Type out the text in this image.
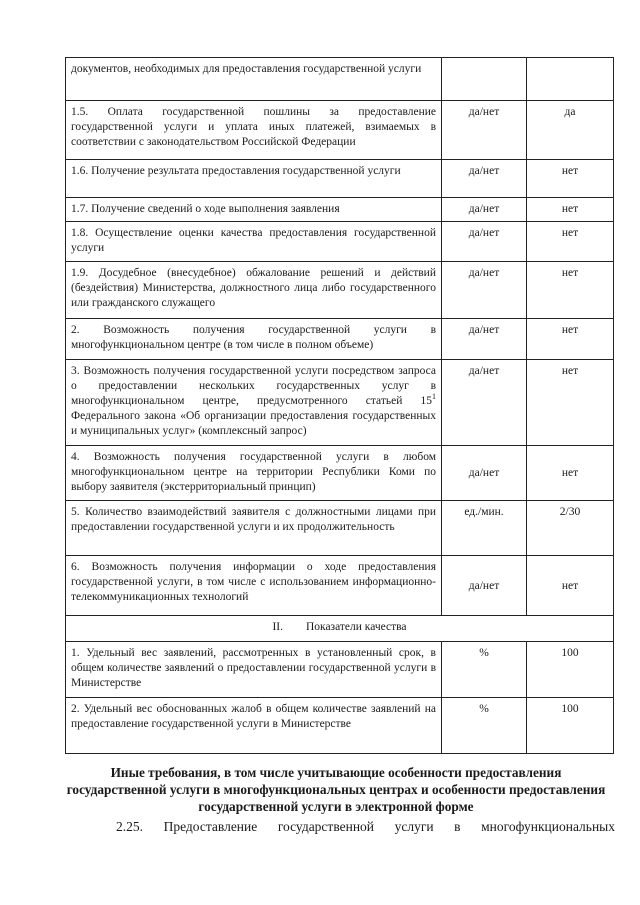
документов, необходимых для предоставления государственной услуги		
1.5. Оплата государственной пошлины за предоставление государственной услуги и уплата иных платежей, взимаемых в соответствии с законодательством Российской Федерации	да/нет	да
1.6. Получение результата предоставления государственной услуги	да/нет	нет
1.7. Получение сведений о ходе выполнения заявления	да/нет	нет
1.8. Осуществление оценки качества предоставления государственной услуги	да/нет	нет
1.9. Досудебное (внесудебное) обжалование решений и действий (бездействия) Министерства, должностного лица либо государственного или гражданского служащего	да/нет	нет
2. Возможность получения государственной услуги в многофункциональном центре (в том числе в полном объеме)	да/нет	нет
3. Возможность получения государственной услуги посредством запроса о предоставлении нескольких государственных услуг в многофункциональном центре, предусмотренного статьей $15^1$ Федерального закона «Об организации предоставления государственных и муниципальных услуг» (комплексный запрос)	да/нет	нет
4. Возможность получения государственной услуги в любом многофункциональном центре на территории Республики Коми по выбору заявителя (экстерриториальный принцип)	да/нет	нет
5. Количество взаимодействий заявителя с должностными лицами при предоставлении государственной услуги и их продолжительность	ед./мин.	2/30
6. Возможность получения информации о ходе предоставления государственной услуги, в том числе с использованием информационно-телекоммуникационных технологий	да/нет	нет
II.        Показатели качества		
1. Удельный вес заявлений, рассмотренных в установленный срок, в общем количестве заявлений о предоставлении государственной услуги в Министерстве	%	100
2. Удельный вес обоснованных жалоб в общем количестве заявлений на предоставление государственной услуги в Министерстве	%	100
Иные требования, в том числе учитывающие особенности предоставления государственной услуги в многофункциональных центрах и особенности предоставления государственной услуги в электронной форме

2.25. Предоставление государственной услуги в многофункциональных
